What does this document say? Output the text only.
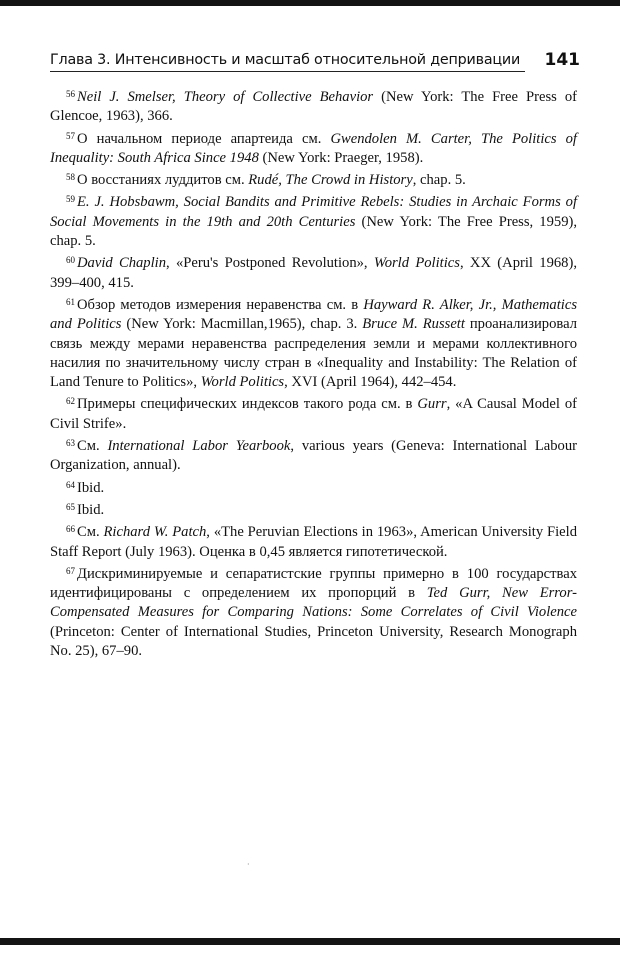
Глава 3. Интенсивность и масштаб относительной депривации 141

$^{56}$ Neil J. Smelser, Theory of Collective Behavior (New York: The Free Press of Glencoe, 1963), 366.

$^{57}$ О начальном периоде апартеида см. Gwendolen M. Carter, The Politics of Inequality: South Africa Since 1948 (New York: Praeger, 1958).

$^{58}$ О восстаниях луддитов см. Rudé, The Crowd in History, chap. 5.

$^{59}$ E. J. Hobsbawm, Social Bandits and Primitive Rebels: Studies in Archaic Forms of Social Movements in the 19th and 20th Centuries (New York: The Free Press, 1959), chap. 5.

$^{60}$ David Chaplin, «Peru's Postponed Revolution», World Politics, XX (April 1968), 399–400, 415.

$^{61}$ Обзор методов измерения неравенства см. в Hayward R. Alker, Jr., Mathematics and Politics (New York: Macmillan,1965), chap. 3. Bruce M. Russett проанализировал связь между мерами неравенства распределения земли и мерами коллективного насилия по значительному числу стран в «Inequality and Instability: The Relation of Land Tenure to Politics», World Politics, XVI (April 1964), 442–454.

$^{62}$ Примеры специфических индексов такого рода см. в Gurr, «A Causal Model of Civil Strife».

$^{63}$ См. International Labor Yearbook, various years (Geneva: International Labour Organization, annual).

$^{64}$ Ibid.

$^{65}$ Ibid.

$^{66}$ См. Richard W. Patch, «The Peruvian Elections in 1963», American University Field Staff Report (July 1963). Оценка в 0,45 является гипотетической.

$^{67}$ Дискриминируемые и сепаратистские группы примерно в 100 государствах идентифицированы с определением их пропорций в Ted Gurr, New Error-Compensated Measures for Comparing Nations: Some Correlates of Civil Violence (Princeton: Center of International Studies, Princeton University, Research Monograph No. 25), 67–90.

·
